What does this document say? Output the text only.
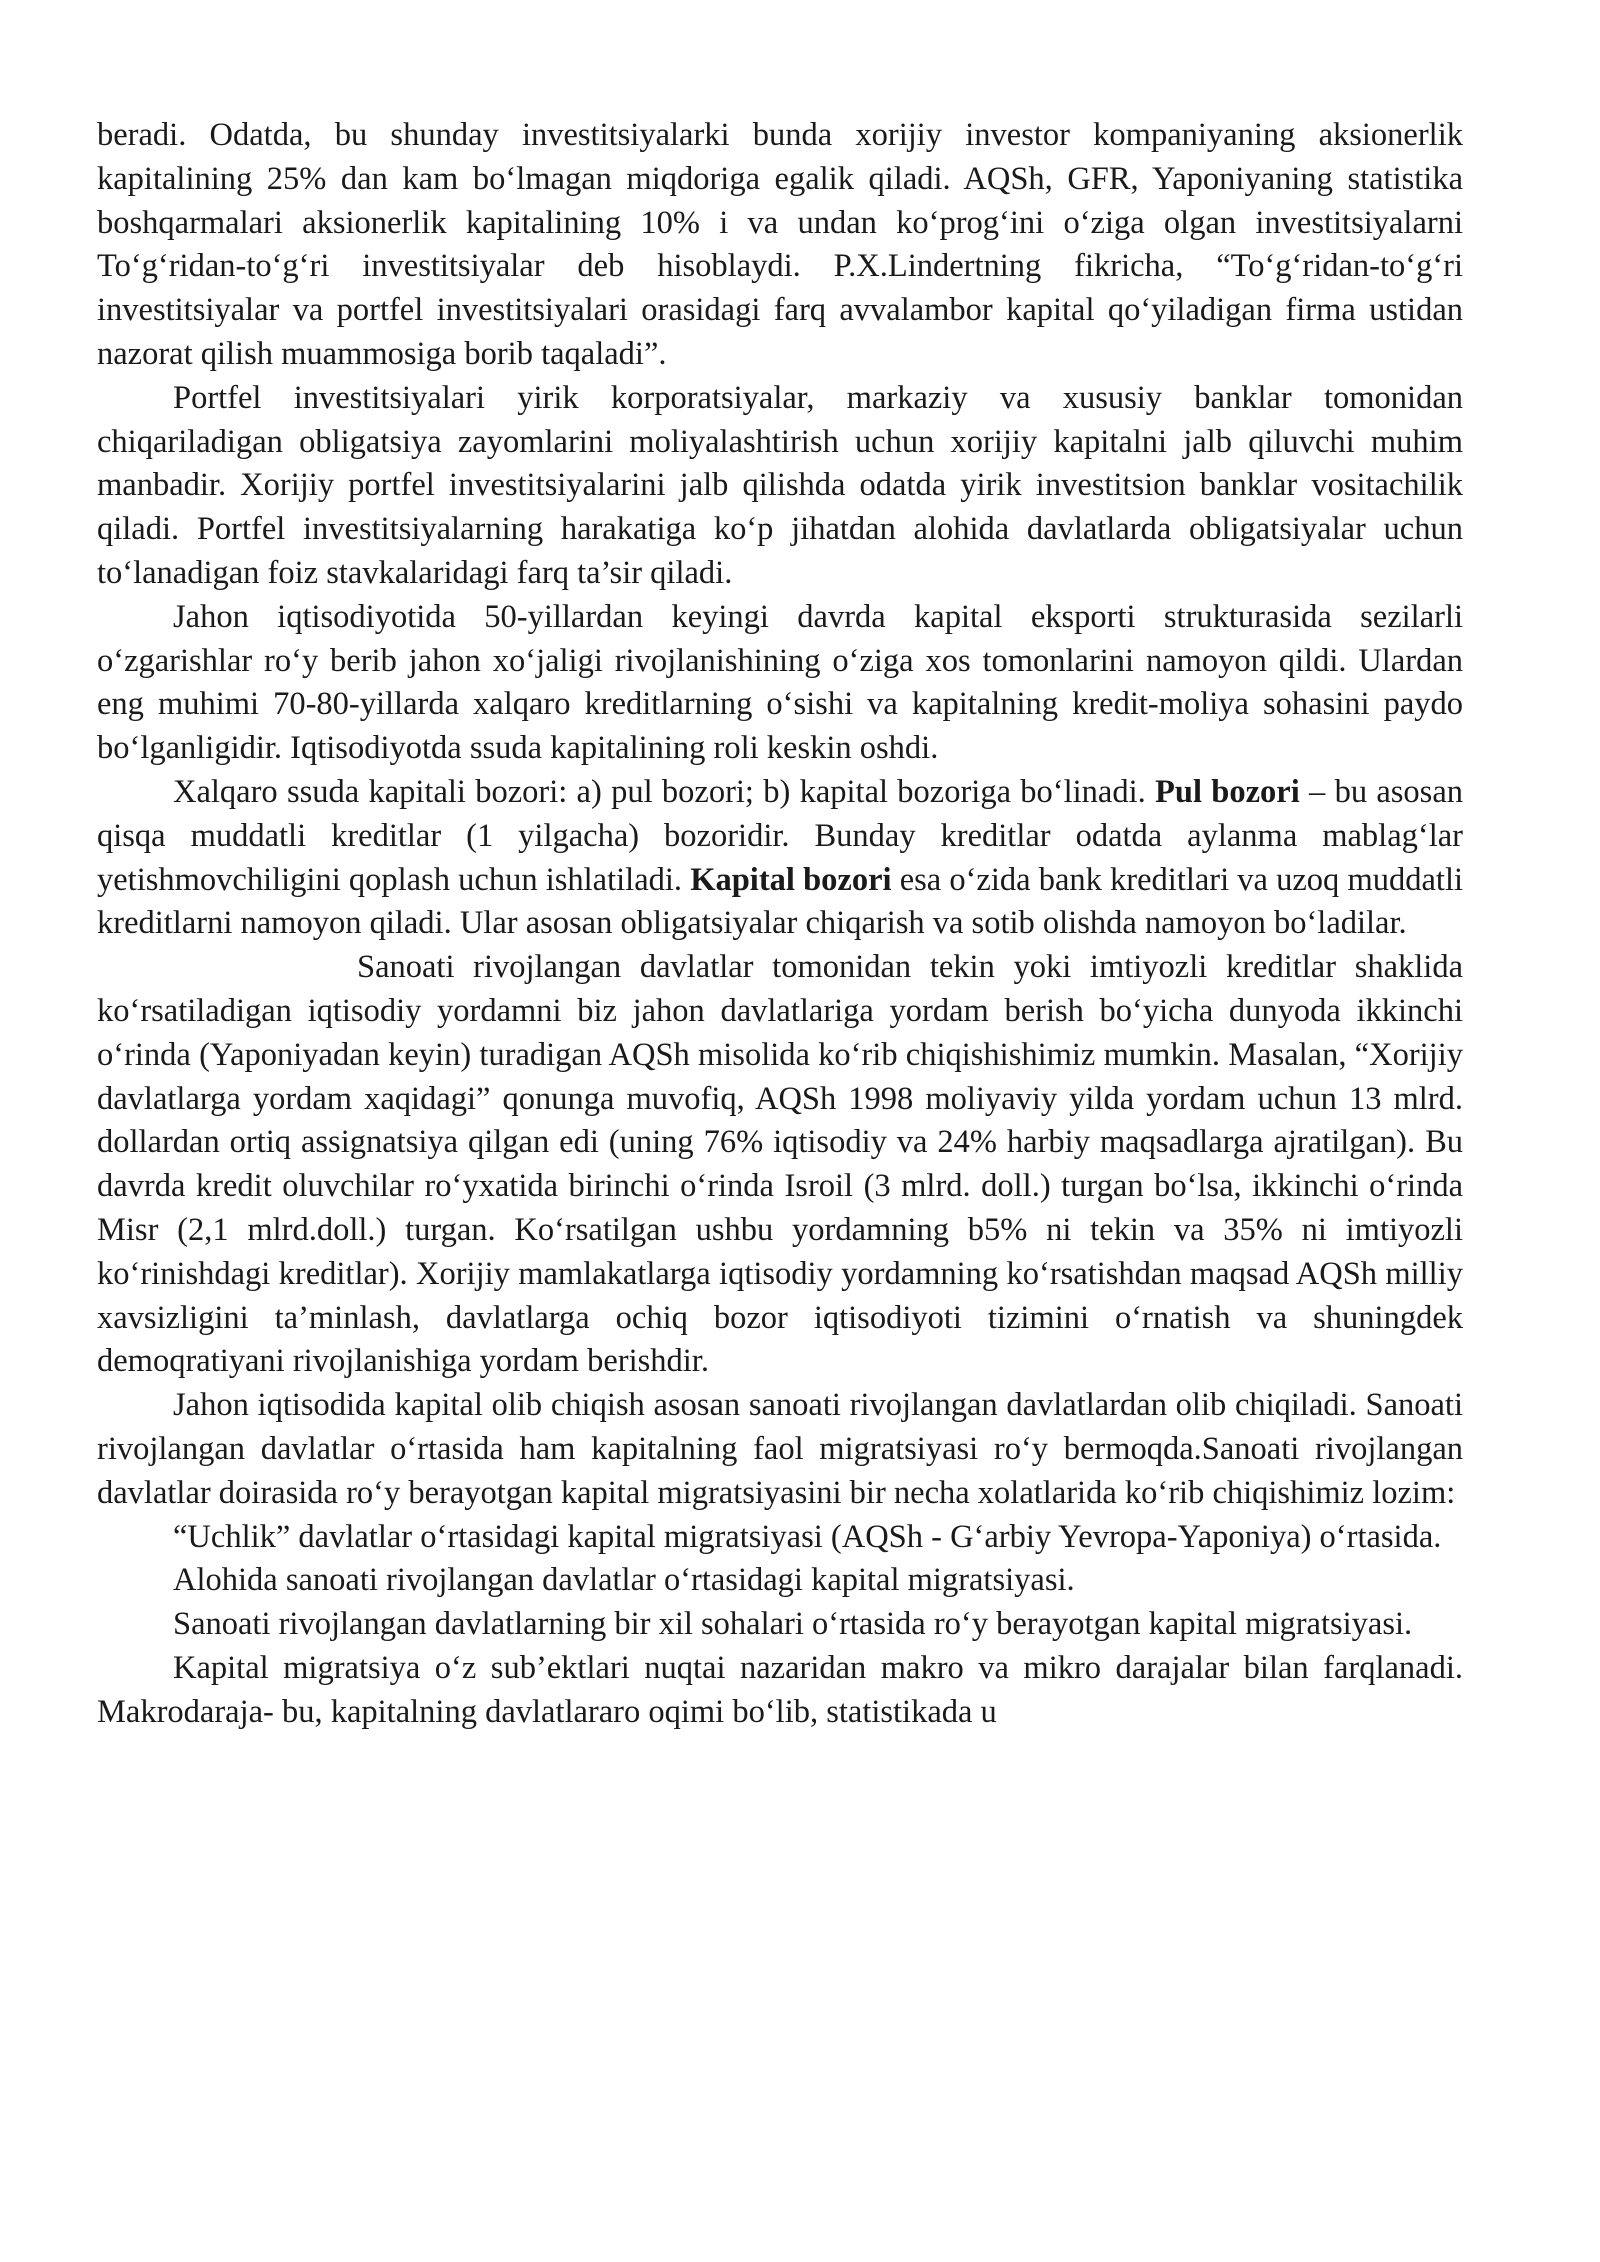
beradi. Odatda, bu shunday investitsiyalarki bunda xorijiy investor kompaniyaning aksionerlik kapitalining 25% dan kam bo‘lmagan miqdoriga egalik qiladi. AQSh, GFR, Yaponiyaning statistika boshqarmalari aksionerlik kapitalining 10% i va undan ko‘prog‘ini o‘ziga olgan investitsiyalarni To‘g‘ridan-to‘g‘ri investitsiyalar deb hisoblaydi. P.X.Lindertning fikricha, “To‘g‘ridan-to‘g‘ri investitsiyalar va portfel investitsiyalari orasidagi farq avvalambor kapital qo‘yiladigan firma ustidan nazorat qilish muammosiga borib taqaladi”.

Portfel investitsiyalari yirik korporatsiyalar, markaziy va xususiy banklar tomonidan chiqariladigan obligatsiya zayomlarini moliyalashtirish uchun xorijiy kapitalni jalb qiluvchi muhim manbadir. Xorijiy portfel investitsiyalarini jalb qilishda odatda yirik investitsion banklar vositachilik qiladi. Portfel investitsiyalarning harakatiga ko‘p jihatdan alohida davlatlarda obligatsiyalar uchun to‘lanadigan foiz stavkalaridagi farq ta’sir qiladi.

Jahon iqtisodiyotida 50-yillardan keyingi davrda kapital eksporti strukturasida sezilarli o‘zgarishlar ro‘y berib jahon xo‘jaligi rivojlanishining o‘ziga xos tomonlarini namoyon qildi. Ulardan eng muhimi 70-80-yillarda xalqaro kreditlarning o‘sishi va kapitalning kredit-moliya sohasini paydo bo‘lganligidir. Iqtisodiyotda ssuda kapitalining roli keskin oshdi.

Xalqaro ssuda kapitali bozori: a) pul bozori; b) kapital bozoriga bo‘linadi. Pul bozori – bu asosan qisqa muddatli kreditlar (1 yilgacha) bozoridir. Bunday kreditlar odatda aylanma mablag‘lar yetishmovchiligini qoplash uchun ishlatiladi. Kapital bozori esa o‘zida bank kreditlari va uzoq muddatli kreditlarni namoyon qiladi. Ular asosan obligatsiyalar chiqarish va sotib olishda namoyon bo‘ladilar.

Sanoati rivojlangan davlatlar tomonidan tekin yoki imtiyozli kreditlar shaklida ko‘rsatiladigan iqtisodiy yordamni biz jahon davlatlariga yordam berish bo‘yicha dunyoda ikkinchi o‘rinda (Yaponiyadan keyin) turadigan AQSh misolida ko‘rib chiqishishimiz mumkin. Masalan, “Xorijiy davlatlarga yordam xaqidagi” qonunga muvofiq, AQSh 1998 moliyaviy yilda yordam uchun 13 mlrd. dollardan ortiq assignatsiya qilgan edi (uning 76% iqtisodiy va 24% harbiy maqsadlarga ajratilgan). Bu davrda kredit oluvchilar ro‘yxatida birinchi o‘rinda Isroil (3 mlrd. doll.) turgan bo‘lsa, ikkinchi o‘rinda Misr (2,1 mlrd.doll.) turgan. Ko‘rsatilgan ushbu yordamning b5% ni tekin va 35% ni imtiyozli ko‘rinishdagi kreditlar). Xorijiy mamlakatlarga iqtisodiy yordamning ko‘rsatishdan maqsad AQSh milliy xavsizligini ta’minlash, davlatlarga ochiq bozor iqtisodiyoti tizimini o‘rnatish va shuningdek demoqratiyani rivojlanishiga yordam berishdir.

Jahon iqtisodida kapital olib chiqish asosan sanoati rivojlangan davlatlardan olib chiqiladi. Sanoati rivojlangan davlatlar o‘rtasida ham kapitalning faol migratsiyasi ro‘y bermoqda.Sanoati rivojlangan davlatlar doirasida ro‘y berayotgan kapital migratsiyasini bir necha xolatlarida ko‘rib chiqishimiz lozim:

“Uchlik” davlatlar o‘rtasidagi kapital migratsiyasi (AQSh - G‘arbiy Yevropa-Yaponiya) o‘rtasida.

Alohida sanoati rivojlangan davlatlar o‘rtasidagi kapital migratsiyasi.

Sanoati rivojlangan davlatlarning bir xil sohalari o‘rtasida ro‘y berayotgan kapital migratsiyasi.

Kapital migratsiya o‘z sub’ektlari nuqtai nazaridan makro va mikro darajalar bilan farqlanadi. Makrodaraja- bu, kapitalning davlatlararo oqimi bo‘lib, statistikada u
